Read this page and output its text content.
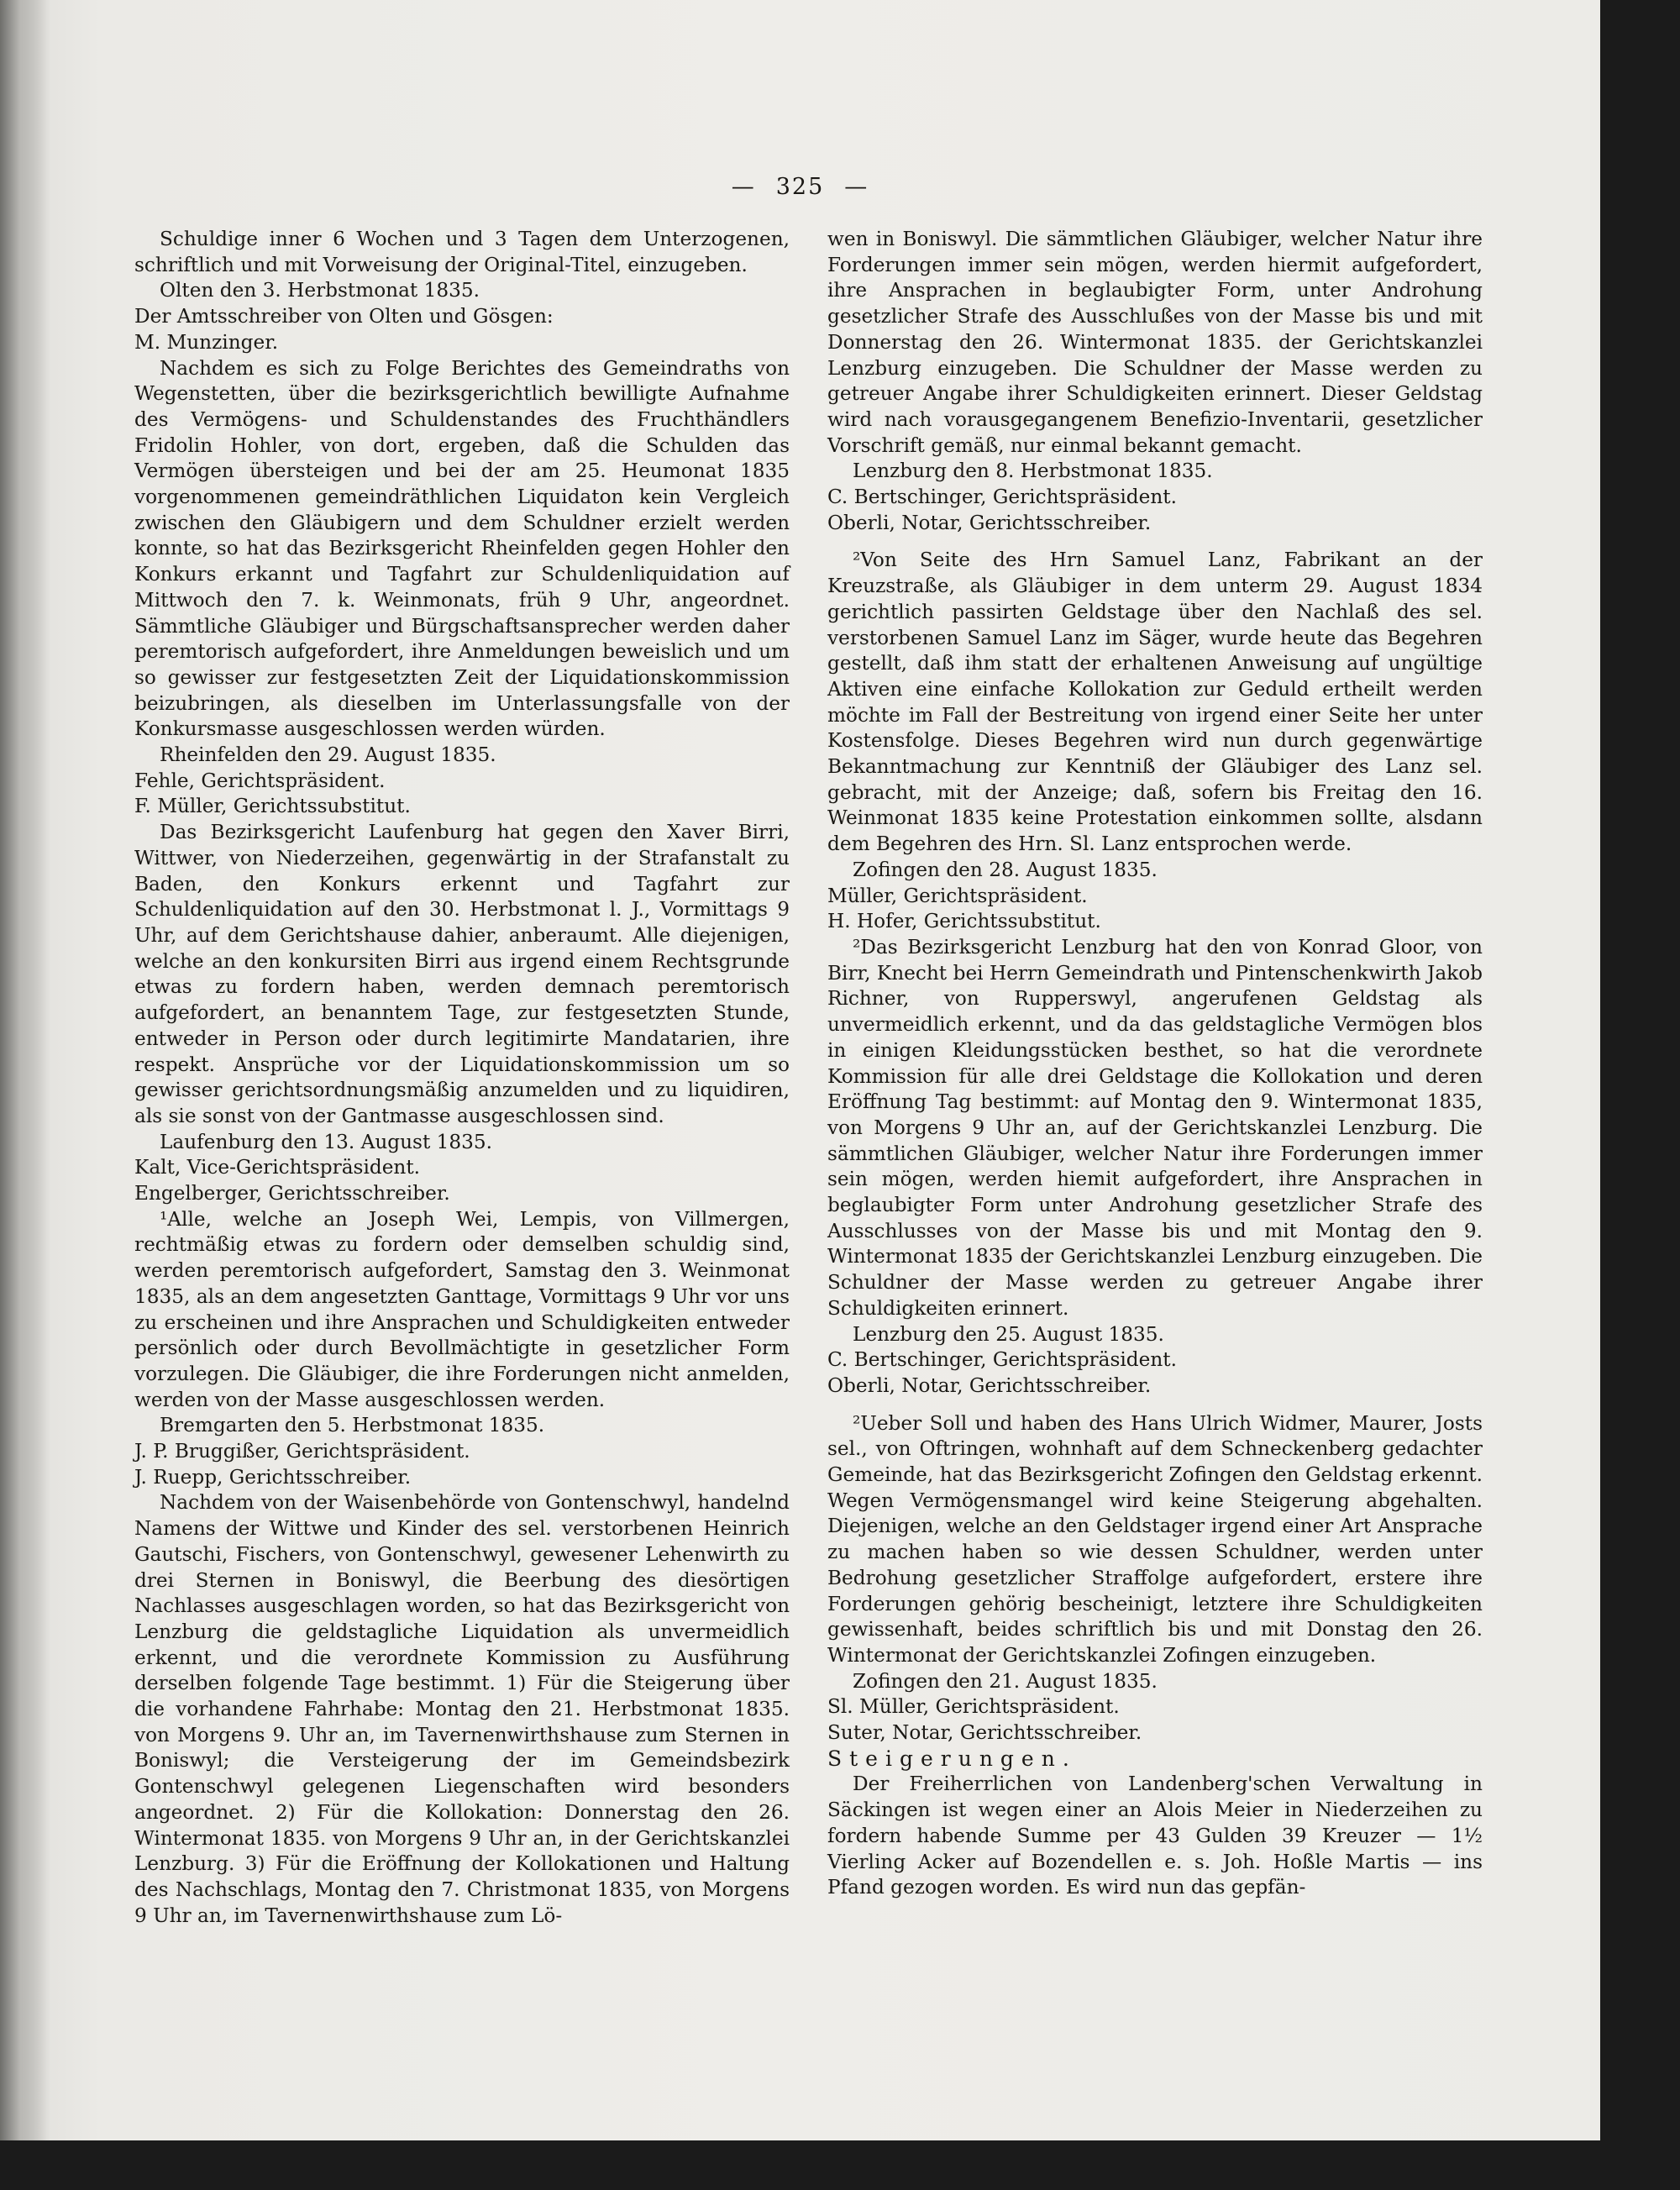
— 325 —

Schuldige inner 6 Wochen und 3 Tagen dem Unterzogenen, schriftlich und mit Vorweisung der Original-Titel, einzugeben.

Olten den 3. Herbstmonat 1835.

Der Amtsschreiber von Olten und Gösgen:

M. Munzinger.

Nachdem es sich zu Folge Berichtes des Gemeindraths von Wegenstetten, über die bezirksgerichtlich bewilligte Aufnahme des Vermögens- und Schuldenstandes des Fruchthändlers Fridolin Hohler, von dort, ergeben, daß die Schulden das Vermögen übersteigen und bei der am 25. Heumonat 1835 vorgenommenen gemeindräthlichen Liquidaton kein Vergleich zwischen den Gläubigern und dem Schuldner erzielt werden konnte, so hat das Bezirksgericht Rheinfelden gegen Hohler den Konkurs erkannt und Tagfahrt zur Schuldenliquidation auf Mittwoch den 7. k. Weinmonats, früh 9 Uhr, angeordnet. Sämmtliche Gläubiger und Bürgschaftsansprecher werden daher peremtorisch aufgefordert, ihre Anmeldungen beweislich und um so gewisser zur festgesetzten Zeit der Liquidationskommission beizubringen, als dieselben im Unterlassungsfalle von der Konkursmasse ausgeschlossen werden würden.

Rheinfelden den 29. August 1835.

Fehle, Gerichtspräsident.

F. Müller, Gerichtssubstitut.

Das Bezirksgericht Laufenburg hat gegen den Xaver Birri, Wittwer, von Niederzeihen, gegenwärtig in der Strafanstalt zu Baden, den Konkurs erkennt und Tagfahrt zur Schuldenliquidation auf den 30. Herbstmonat l. J., Vormittags 9 Uhr, auf dem Gerichtshause dahier, anberaumt. Alle diejenigen, welche an den konkursiten Birri aus irgend einem Rechtsgrunde etwas zu fordern haben, werden demnach peremtorisch aufgefordert, an benanntem Tage, zur festgesetzten Stunde, entweder in Person oder durch legitimirte Mandatarien, ihre respekt. Ansprüche vor der Liquidationskommission um so gewisser gerichtsordnungsmäßig anzumelden und zu liquidiren, als sie sonst von der Gantmasse ausgeschlossen sind.

Laufenburg den 13. August 1835.

Kalt, Vice-Gerichtspräsident.

Engelberger, Gerichtsschreiber.

¹Alle, welche an Joseph Wei, Lempis, von Villmergen, rechtmäßig etwas zu fordern oder demselben schuldig sind, werden peremtorisch aufgefordert, Samstag den 3. Weinmonat 1835, als an dem angesetzten Ganttage, Vormittags 9 Uhr vor uns zu erscheinen und ihre Ansprachen und Schuldigkeiten entweder persönlich oder durch Bevollmächtigte in gesetzlicher Form vorzulegen. Die Gläubiger, die ihre Forderungen nicht anmelden, werden von der Masse ausgeschlossen werden.

Bremgarten den 5. Herbstmonat 1835.

J. P. Bruggißer, Gerichtspräsident.

J. Ruepp, Gerichtsschreiber.

Nachdem von der Waisenbehörde von Gontenschwyl, handelnd Namens der Wittwe und Kinder des sel. verstorbenen Heinrich Gautschi, Fischers, von Gontenschwyl, gewesener Lehenwirth zu drei Sternen in Boniswyl, die Beerbung des diesörtigen Nachlasses ausgeschlagen worden, so hat das Bezirksgericht von Lenzburg die geldstagliche Liquidation als unvermeidlich erkennt, und die verordnete Kommission zu Ausführung derselben folgende Tage bestimmt. 1) Für die Steigerung über die vorhandene Fahrhabe: Montag den 21. Herbstmonat 1835. von Morgens 9. Uhr an, im Tavernenwirthshause zum Sternen in Boniswyl; die Versteigerung der im Gemeindsbezirk Gontenschwyl gelegenen Liegenschaften wird besonders angeordnet. 2) Für die Kollokation: Donnerstag den 26. Wintermonat 1835. von Morgens 9 Uhr an, in der Gerichtskanzlei Lenzburg. 3) Für die Eröffnung der Kollokationen und Haltung des Nachschlags, Montag den 7. Christmonat 1835, von Morgens 9 Uhr an, im Tavernenwirthshause zum Lö-

wen in Boniswyl. Die sämmtlichen Gläubiger, welcher Natur ihre Forderungen immer sein mögen, werden hiermit aufgefordert, ihre Ansprachen in beglaubigter Form, unter Androhung gesetzlicher Strafe des Ausschlußes von der Masse bis und mit Donnerstag den 26. Wintermonat 1835. der Gerichtskanzlei Lenzburg einzugeben. Die Schuldner der Masse werden zu getreuer Angabe ihrer Schuldigkeiten erinnert. Dieser Geldstag wird nach vorausgegangenem Benefizio-Inventarii, gesetzlicher Vorschrift gemäß, nur einmal bekannt gemacht.

Lenzburg den 8. Herbstmonat 1835.

C. Bertschinger, Gerichtspräsident.

Oberli, Notar, Gerichtsschreiber.

²Von Seite des Hrn Samuel Lanz, Fabrikant an der Kreuzstraße, als Gläubiger in dem unterm 29. August 1834 gerichtlich passirten Geldstage über den Nachlaß des sel. verstorbenen Samuel Lanz im Säger, wurde heute das Begehren gestellt, daß ihm statt der erhaltenen Anweisung auf ungültige Aktiven eine einfache Kollokation zur Geduld ertheilt werden möchte im Fall der Bestreitung von irgend einer Seite her unter Kostensfolge. Dieses Begehren wird nun durch gegenwärtige Bekanntmachung zur Kenntniß der Gläubiger des Lanz sel. gebracht, mit der Anzeige; daß, sofern bis Freitag den 16. Weinmonat 1835 keine Protestation einkommen sollte, alsdann dem Begehren des Hrn. Sl. Lanz entsprochen werde.

Zofingen den 28. August 1835.

Müller, Gerichtspräsident.

H. Hofer, Gerichtssubstitut.

²Das Bezirksgericht Lenzburg hat den von Konrad Gloor, von Birr, Knecht bei Herrn Gemeindrath und Pintenschenkwirth Jakob Richner, von Rupperswyl, angerufenen Geldstag als unvermeidlich erkennt, und da das geldstagliche Vermögen blos in einigen Kleidungsstücken besthet, so hat die verordnete Kommission für alle drei Geldstage die Kollokation und deren Eröffnung Tag bestimmt: auf Montag den 9. Wintermonat 1835, von Morgens 9 Uhr an, auf der Gerichtskanzlei Lenzburg. Die sämmtlichen Gläubiger, welcher Natur ihre Forderungen immer sein mögen, werden hiemit aufgefordert, ihre Ansprachen in beglaubigter Form unter Androhung gesetzlicher Strafe des Ausschlusses von der Masse bis und mit Montag den 9. Wintermonat 1835 der Gerichtskanzlei Lenzburg einzugeben. Die Schuldner der Masse werden zu getreuer Angabe ihrer Schuldigkeiten erinnert.

Lenzburg den 25. August 1835.

C. Bertschinger, Gerichtspräsident.

Oberli, Notar, Gerichtsschreiber.

²Ueber Soll und haben des Hans Ulrich Widmer, Maurer, Josts sel., von Oftringen, wohnhaft auf dem Schneckenberg gedachter Gemeinde, hat das Bezirksgericht Zofingen den Geldstag erkennt. Wegen Vermögensmangel wird keine Steigerung abgehalten. Diejenigen, welche an den Geldstager irgend einer Art Ansprache zu machen haben so wie dessen Schuldner, werden unter Bedrohung gesetzlicher Straffolge aufgefordert, erstere ihre Forderungen gehörig bescheinigt, letztere ihre Schuldigkeiten gewissenhaft, beides schriftlich bis und mit Donstag den 26. Wintermonat der Gerichtskanzlei Zofingen einzugeben.

Zofingen den 21. August 1835.

Sl. Müller, Gerichtspräsident.

Suter, Notar, Gerichtsschreiber.

Steigerungen.

Der Freiherrlichen von Landenberg'schen Verwaltung in Säckingen ist wegen einer an Alois Meier in Niederzeihen zu fordern habende Summe per 43 Gulden 39 Kreuzer — 1½ Vierling Acker auf Bozendellen e. s. Joh. Hoßle Martis — ins Pfand gezogen worden. Es wird nun das gepfän-
